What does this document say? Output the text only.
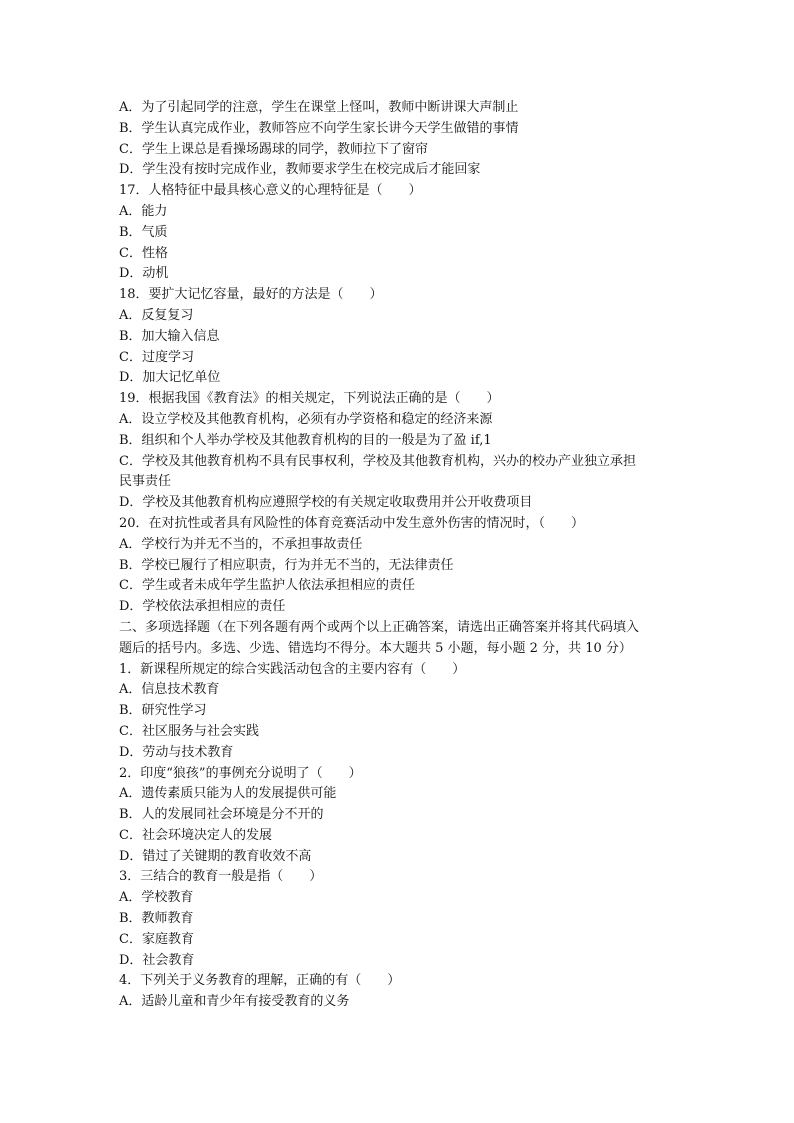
A．为了引起同学的注意，学生在课堂上怪叫，教师中断讲课大声制止

B．学生认真完成作业，教师答应不向学生家长讲今天学生做错的事情

C．学生上课总是看操场踢球的同学，教师拉下了窗帘

D．学生没有按时完成作业，教师要求学生在校完成后才能回家

17．人格特征中最具核心意义的心理特征是（　　）

A．能力

B．气质

C．性格

D．动机

18．要扩大记忆容量，最好的方法是（　　）

A．反复复习

B．加大输入信息

C．过度学习

D．加大记忆单位

19．根据我国《教育法》的相关规定，下列说法正确的是（　　）

A．设立学校及其他教育机构，必须有办学资格和稳定的经济来源

B．组织和个人举办学校及其他教育机构的目的一般是为了盈 if,1

C．学校及其他教育机构不具有民事权利，学校及其他教育机构，兴办的校办产业独立承担

民事责任

D．学校及其他教育机构应遵照学校的有关规定收取费用并公开收费项目

20．在对抗性或者具有风险性的体育竞赛活动中发生意外伤害的情况时，（　　）

A．学校行为并无不当的，不承担事故责任

B．学校已履行了相应职责，行为并无不当的，无法律责任

C．学生或者未成年学生监护人依法承担相应的责任

D．学校依法承担相应的责任

二、多项选择题（在下列各题有两个或两个以上正确答案，请选出正确答案并将其代码填入

题后的括号内。多选、少选、错选均不得分。本大题共 5 小题，每小题 2 分，共 10 分）

1．新课程所规定的综合实践活动包含的主要内容有（　　）

A．信息技术教育

B．研究性学习

C．社区服务与社会实践

D．劳动与技术教育

2．印度“狼孩”的事例充分说明了（　　）

A．遗传素质只能为人的发展提供可能

B．人的发展同社会环境是分不开的

C．社会环境决定人的发展

D．错过了关键期的教育收效不高

3．三结合的教育一般是指（　　）

A．学校教育

B．教师教育

C．家庭教育

D．社会教育

4．下列关于义务教育的理解，正确的有（　　）

A．适龄儿童和青少年有接受教育的义务
